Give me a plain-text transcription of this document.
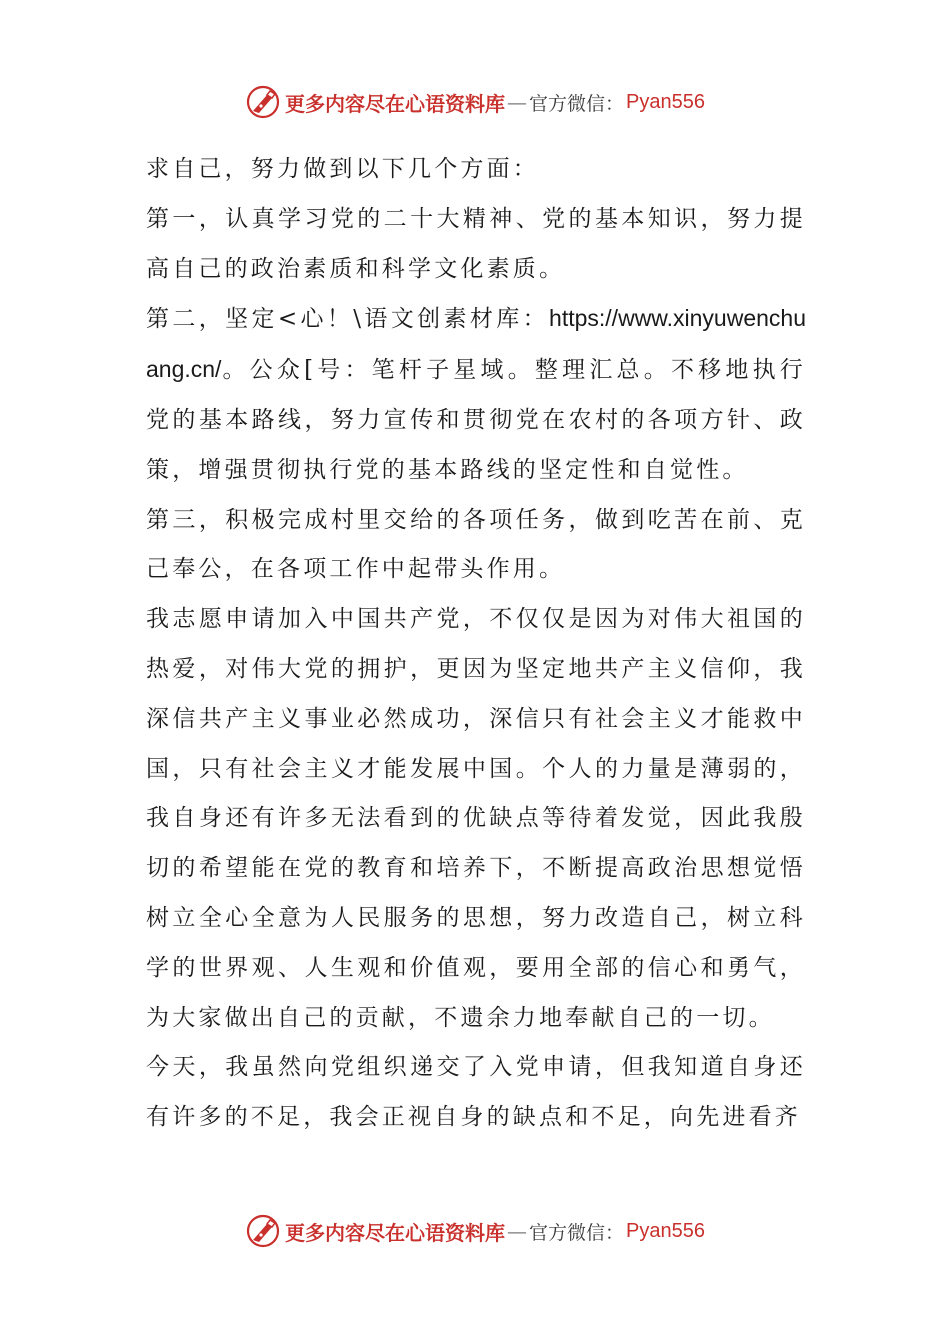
更多内容尽在心语资料库 — 官方微信： Pyan556

求自己，努力做到以下几个方面：

第一，认真学习党的二十大精神、党的基本知识，努力提高自己的政治素质和科学文化素质。

第二，坚定<心！\语文创素材库：https://www.xinyuwenchuang.cn/。公众[号：笔杆子星域。整理汇总。不移地执行党的基本路线，努力宣传和贯彻党在农村的各项方针、政策，增强贯彻执行党的基本路线的坚定性和自觉性。

第三，积极完成村里交给的各项任务，做到吃苦在前、克己奉公，在各项工作中起带头作用。

我志愿申请加入中国共产党，不仅仅是因为对伟大祖国的热爱，对伟大党的拥护，更因为坚定地共产主义信仰，我深信共产主义事业必然成功，深信只有社会主义才能救中国，只有社会主义才能发展中国。个人的力量是薄弱的，我自身还有许多无法看到的优缺点等待着发觉，因此我殷切的希望能在党的教育和培养下，不断提高政治思想觉悟树立全心全意为人民服务的思想，努力改造自己，树立科学的世界观、人生观和价值观，要用全部的信心和勇气，为大家做出自己的贡献，不遗余力地奉献自己的一切。

今天，我虽然向党组织递交了入党申请，但我知道自身还有许多的不足，我会正视自身的缺点和不足，向先进看齐

更多内容尽在心语资料库 — 官方微信： Pyan556
